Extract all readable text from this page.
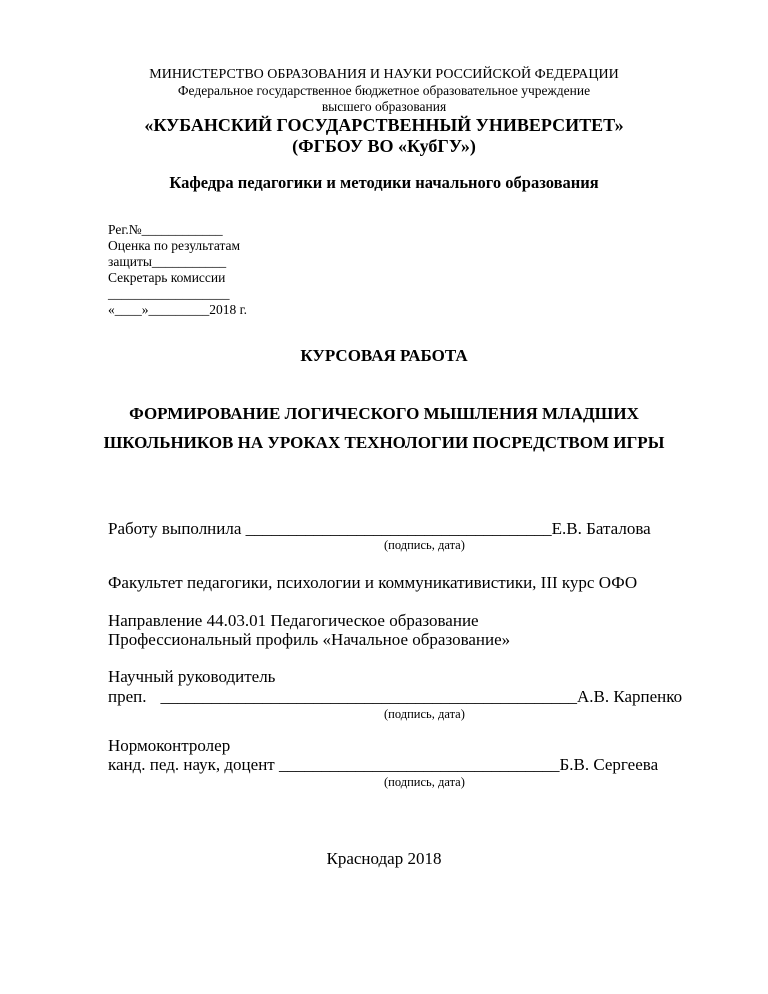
МИНИСТЕРСТВО ОБРАЗОВАНИЯ И НАУКИ РОССИЙСКОЙ ФЕДЕРАЦИИ
Федеральное государственное бюджетное образовательное учреждение
высшего образования
«КУБАНСКИЙ ГОСУДАРСТВЕННЫЙ УНИВЕРСИТЕТ»
(ФГБОУ ВО «КубГУ»)
Кафедра педагогики и методики начального образования
Рег.№____________
Оценка по результатам
защиты___________
Секретарь комиссии
__________________
«____»_________2018 г.
КУРСОВАЯ РАБОТА
ФОРМИРОВАНИЕ ЛОГИЧЕСКОГО МЫШЛЕНИЯ МЛАДШИХ
ШКОЛЬНИКОВ НА УРОКАХ ТЕХНОЛОГИИ ПОСРЕДСТВОМ ИГРЫ
Работу выполнила ____________________________________Е.В. Баталова
(подпись, дата)
Факультет педагогики, психологии и коммуникативистики, III курс ОФО
Направление 44.03.01 Педагогическое образование
Профессиональный профиль «Начальное образование»
Научный руководитель
преп. _________________________________________________А.В. Карпенко
(подпись, дата)
Нормоконтролер
канд. пед. наук, доцент _________________________________Б.В. Сергеева
(подпись, дата)
Краснодар 2018
